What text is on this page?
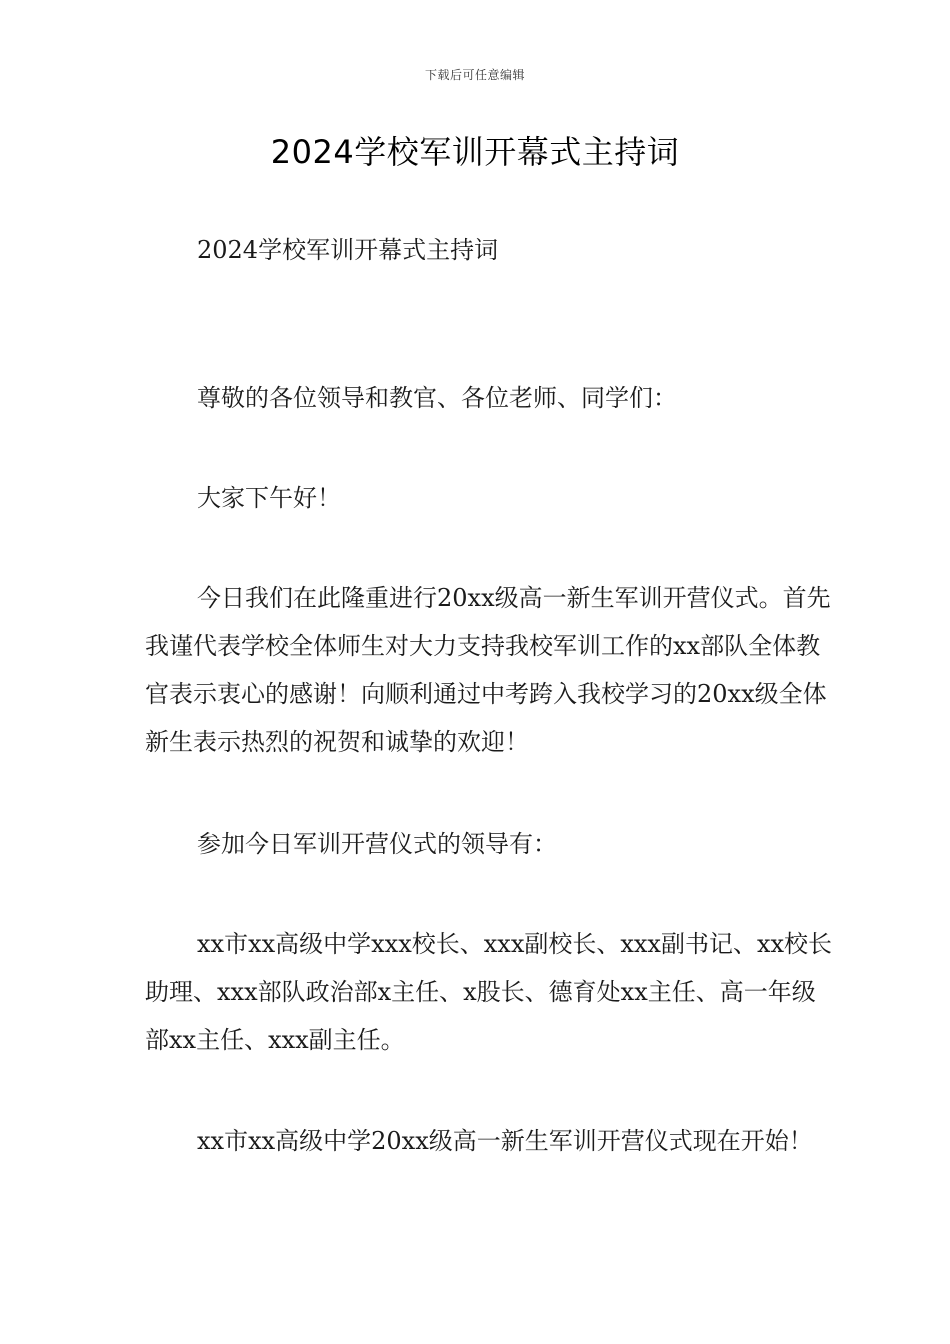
下载后可任意编辑
2024学校军训开幕式主持词

2024学校军训开幕式主持词

尊敬的各位领导和教官、各位老师、同学们：

大家下午好！

今日我们在此隆重进行20xx级高一新生军训开营仪式。首先我谨代表学校全体师生对大力支持我校军训工作的xx部队全体教官表示衷心的感谢！向顺利通过中考跨入我校学习的20xx级全体新生表示热烈的祝贺和诚挚的欢迎！

参加今日军训开营仪式的领导有：

xx市xx高级中学xxx校长、xxx副校长、xxx副书记、xx校长助理、xxx部队政治部x主任、x股长、德育处xx主任、高一年级部xx主任、xxx副主任。

xx市xx高级中学20xx级高一新生军训开营仪式现在开始！
